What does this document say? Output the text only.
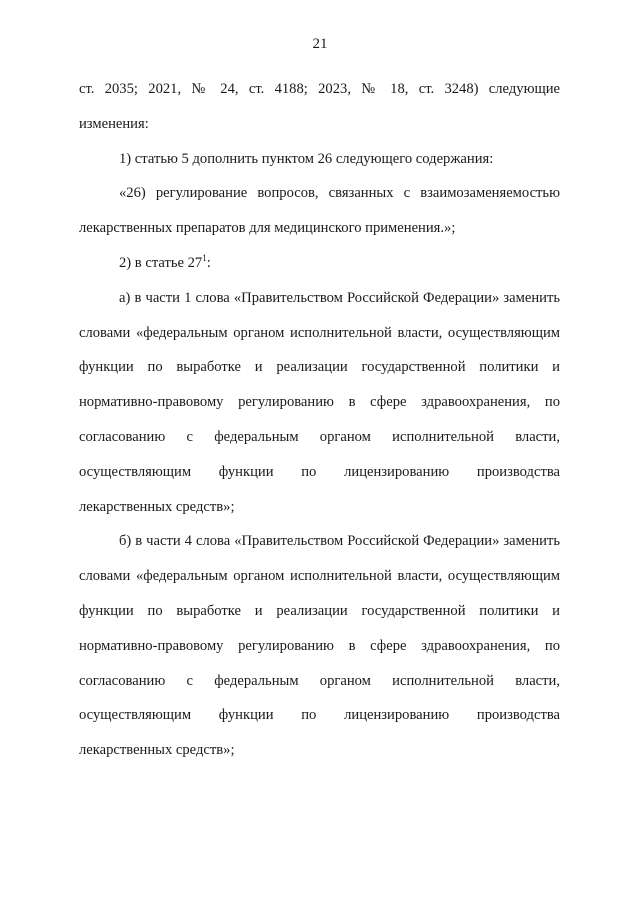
21

ст. 2035; 2021, № 24, ст. 4188; 2023, № 18, ст. 3248) следующие изменения:

1) статью 5 дополнить пунктом 26 следующего содержания:

«26) регулирование вопросов, связанных с взаимозаменяемостью лекарственных препаратов для медицинского применения.»;

2) в статье $27^1$:

а) в части 1 слова «Правительством Российской Федерации» заменить словами «федеральным органом исполнительной власти, осуществляющим функции по выработке и реализации государственной политики и нормативно-правовому регулированию в сфере здравоохранения, по согласованию с федеральным органом исполнительной власти, осуществляющим функции по лицензированию производства лекарственных средств»;

б) в части 4 слова «Правительством Российской Федерации» заменить словами «федеральным органом исполнительной власти, осуществляющим функции по выработке и реализации государственной политики и нормативно-правовому регулированию в сфере здравоохранения, по согласованию с федеральным органом исполнительной власти, осуществляющим функции по лицензированию производства лекарственных средств»;
